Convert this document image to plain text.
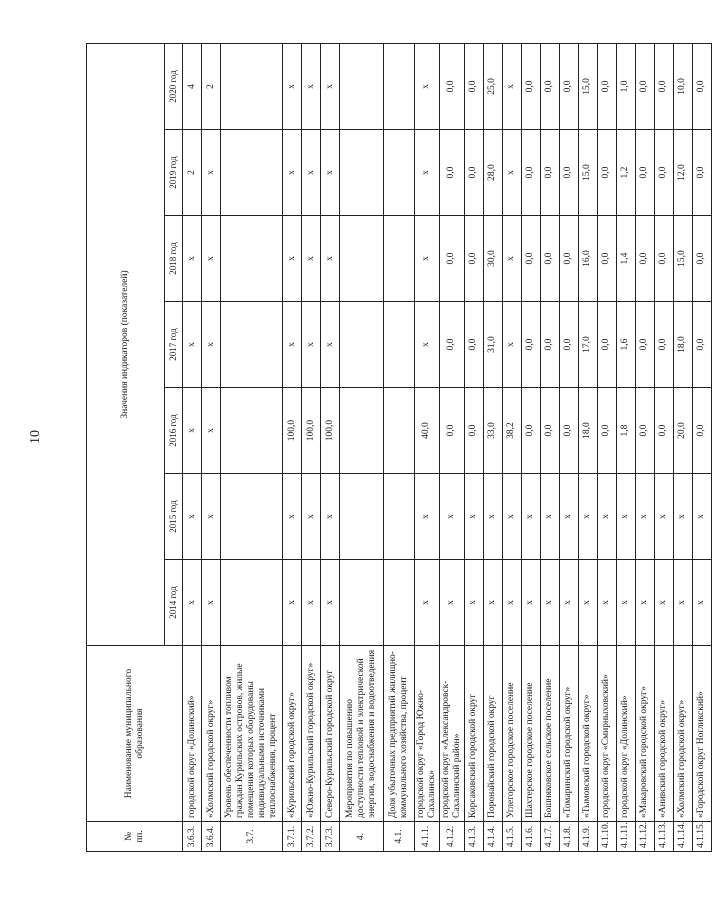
10
№ пп.	Наименование муниципального образования	Значения индикаторов (показателей)						
		2014 год	2015 год	2016 год	2017 год	2018 год	2019 год	2020 год
3.6.3.	городской округ «Долинский»	х	х	х	х	х	2	4
3.6.4.	«Холмский городской округ»	х	х	х	х	х	х	2
3.7.	Уровень обеспеченности топливом граждан Курильских островов, жилые помещения которых оборудованы индивидуальными источниками теплоснабжения, процент							
3.7.1.	«Курильский городской округ»	х	х	100,0	х	х	х	х
3.7.2.	«Южно-Курильский городской округ»	х	х	100,0	х	х	х	х
3.7.3.	Северо-Курильский городской округ	х	х	100,0	х	х	х	х
4.	Мероприятия по повышению доступности тепловой и электрической энергии, водоснабжения и водоотведения							
4.1.	Доля убыточных предприятий жилищно-коммунального хозяйства, процент							
4.1.1.	городской округ «Город Южно-Сахалинск»	х	х	40,0	х	х	х	х
4.1.2.	городской округ «Александровск-Сахалинский район»	х	х	0,0	0,0	0,0	0,0	0,0
4.1.3.	Корсаковский городской округ	х	х	0,0	0,0	0,0	0,0	0,0
4.1.4.	Поронайский городской округ	х	х	33,0	31,0	30,0	28,0	25,0
4.1.5.	Углегорское городское поселение	х	х	38,2	х	х	х	х
4.1.6.	Шахтерское городское поселение	х	х	0,0	0,0	0,0	0,0	0,0
4.1.7.	Бошняковское сельское поселение	х	х	0,0	0,0	0,0	0,0	0,0
4.1.8.	«Томаринский городской округ»	х	х	0,0	0,0	0,0	0,0	0,0
4.1.9.	«Тымовский городской округ»	х	х	18,0	17,0	16,0	15,0	15,0
4.1.10.	городской округ «Смирныховский»	х	х	0,0	0,0	0,0	0,0	0,0
4.1.11.	городской округ «Долинский»	х	х	1,8	1,6	1,4	1,2	1,0
4.1.12.	«Макаровский городской округ»	х	х	0,0	0,0	0,0	0,0	0,0
4.1.13.	«Анивский городской округ»	х	х	0,0	0,0	0,0	0,0	0,0
4.1.14.	«Холмский городской округ»	х	х	20,0	18,0	15,0	12,0	10,0
4.1.15.	«Городской округ Ногликский»	х	х	0,0	0,0	0,0	0,0	0,0
